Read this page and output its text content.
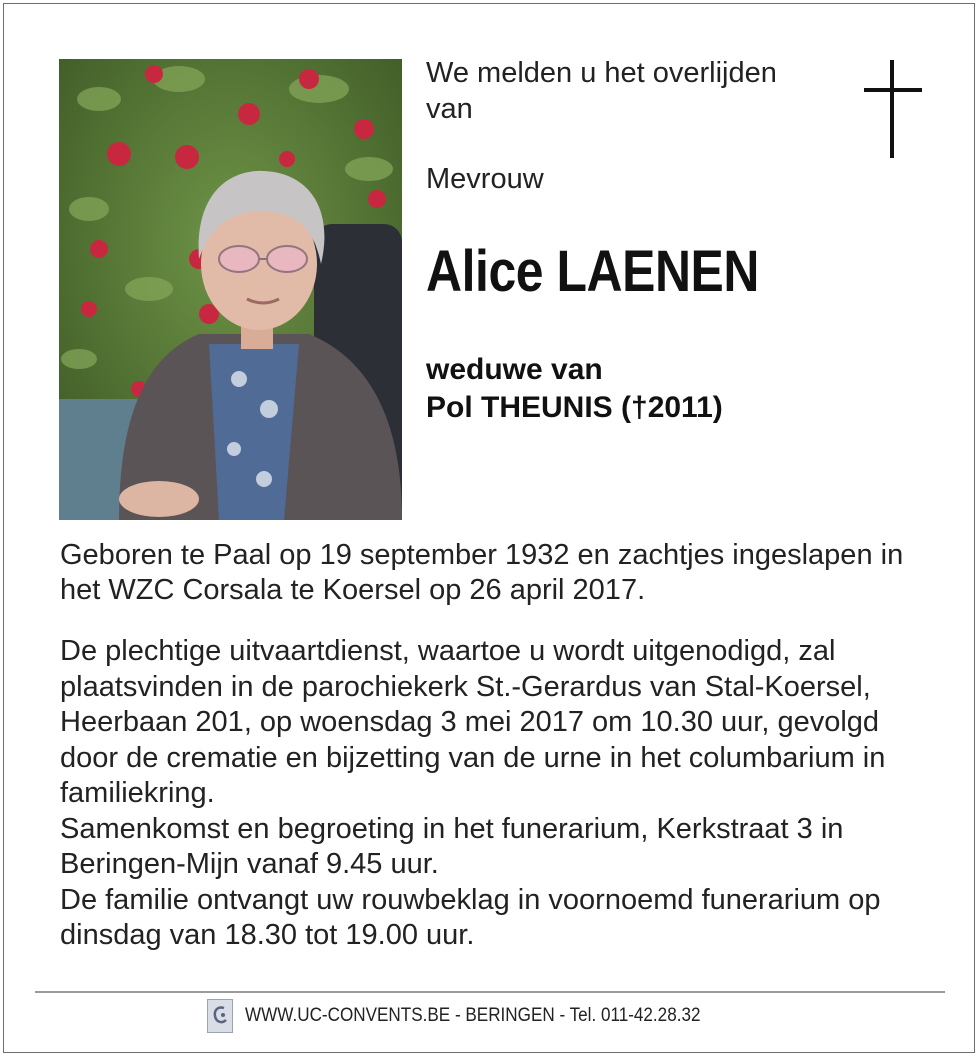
We melden u het overlijden van
Mevrouw
Alice LAENEN
weduwe van
Pol THEUNIS (†2011)
Geboren te Paal op 19 september 1932 en zachtjes ingeslapen in het WZC Corsala te Koersel op 26 april 2017.

De plechtige uitvaartdienst, waartoe u wordt uitgenodigd, zal plaatsvinden in de parochiekerk St.-Gerardus van Stal-Koersel, Heerbaan 201, op woensdag 3 mei 2017 om 10.30 uur, gevolgd door de crematie en bijzetting van de urne in het columbarium in familiekring.

Samenkomst en begroeting in het funerarium, Kerkstraat 3 in Beringen-Mijn vanaf 9.45 uur.

De familie ontvangt uw rouwbeklag in voornoemd funerarium op dinsdag van 18.30 tot 19.00 uur.

WWW.UC-CONVENTS.BE - BERINGEN - Tel. 011-42.28.32
